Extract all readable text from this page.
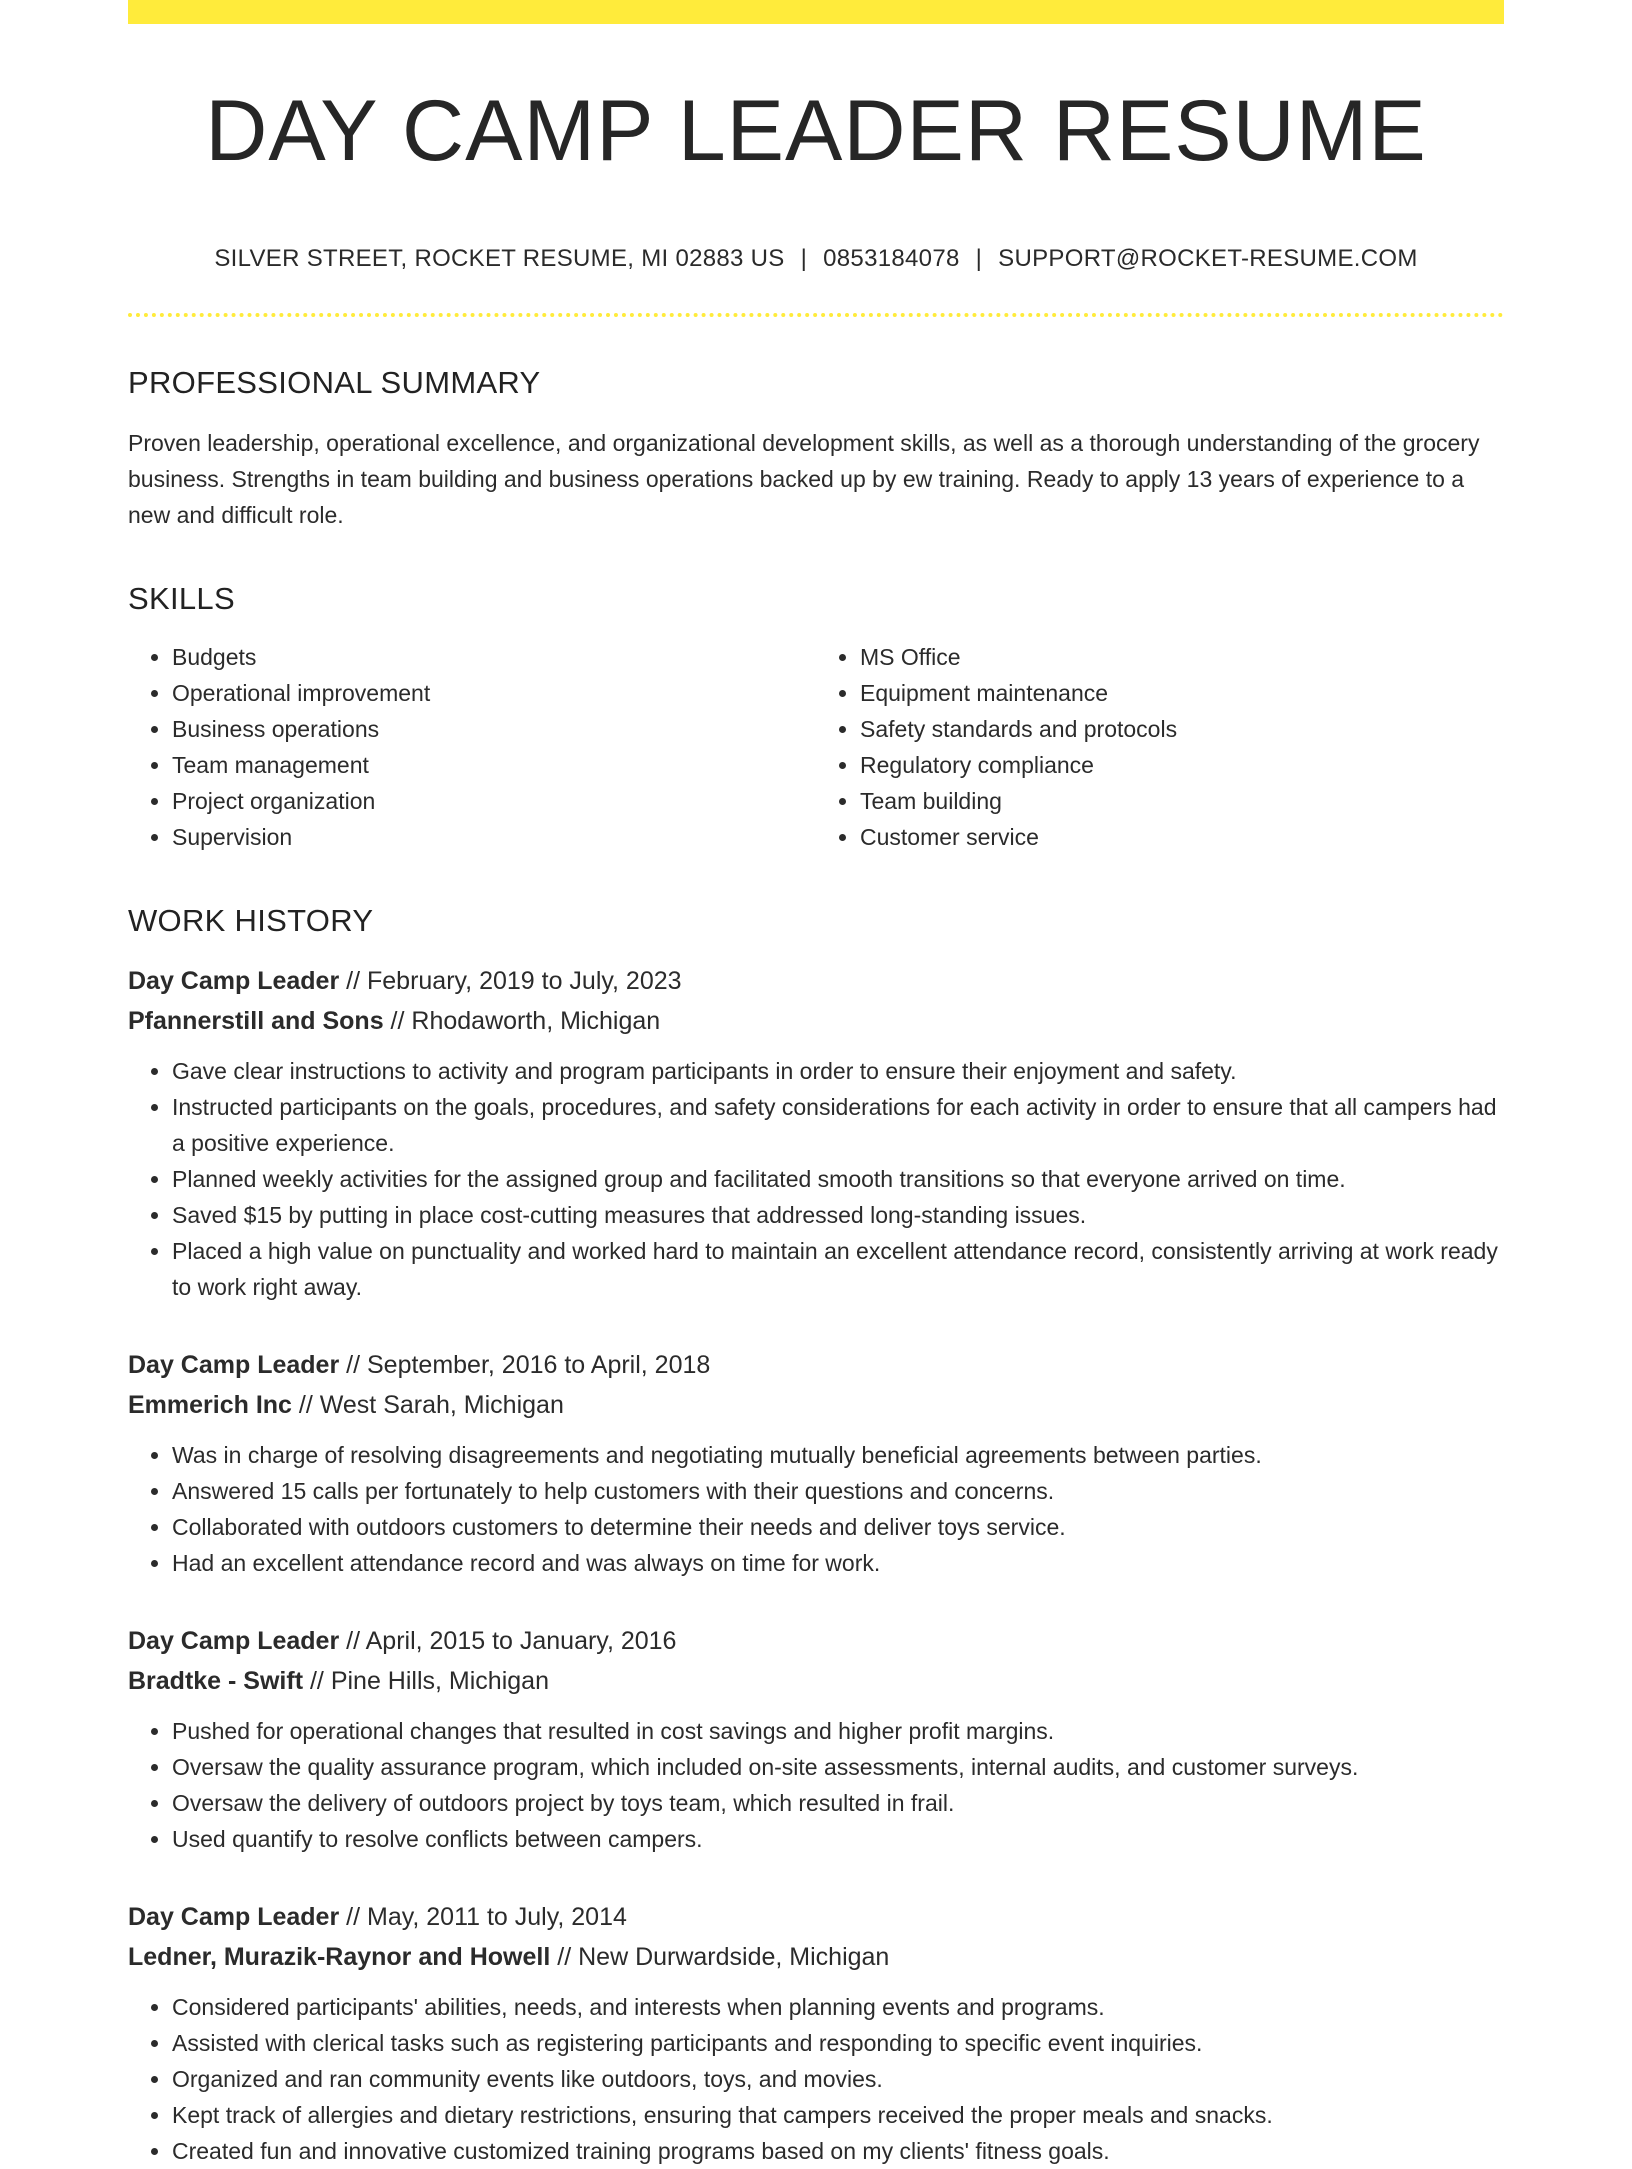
DAY CAMP LEADER RESUME
SILVER STREET, ROCKET RESUME, MI 02883 US | 0853184078 | SUPPORT@ROCKET-RESUME.COM
PROFESSIONAL SUMMARY

Proven leadership, operational excellence, and organizational development skills, as well as a thorough understanding of the grocery business. Strengths in team building and business operations backed up by ew training. Ready to apply 13 years of experience to a new and difficult role.

SKILLS
• Budgets
• Operational improvement
• Business operations
• Team management
• Project organization
• Supervision
• MS Office
• Equipment maintenance
• Safety standards and protocols
• Regulatory compliance
• Team building
• Customer service
WORK HISTORY
Day Camp Leader // February, 2019 to July, 2023
Pfannerstill and Sons // Rhodaworth, Michigan
• Gave clear instructions to activity and program participants in order to ensure their enjoyment and safety.
• Instructed participants on the goals, procedures, and safety considerations for each activity in order to ensure that all campers had a positive experience.
• Planned weekly activities for the assigned group and facilitated smooth transitions so that everyone arrived on time.
• Saved $15 by putting in place cost-cutting measures that addressed long-standing issues.
• Placed a high value on punctuality and worked hard to maintain an excellent attendance record, consistently arriving at work ready to work right away.
Day Camp Leader // September, 2016 to April, 2018
Emmerich Inc // West Sarah, Michigan
• Was in charge of resolving disagreements and negotiating mutually beneficial agreements between parties.
• Answered 15 calls per fortunately to help customers with their questions and concerns.
• Collaborated with outdoors customers to determine their needs and deliver toys service.
• Had an excellent attendance record and was always on time for work.
Day Camp Leader // April, 2015 to January, 2016
Bradtke - Swift // Pine Hills, Michigan
• Pushed for operational changes that resulted in cost savings and higher profit margins.
• Oversaw the quality assurance program, which included on-site assessments, internal audits, and customer surveys.
• Oversaw the delivery of outdoors project by toys team, which resulted in frail.
• Used quantify to resolve conflicts between campers.
Day Camp Leader // May, 2011 to July, 2014
Ledner, Murazik-Raynor and Howell // New Durwardside, Michigan
• Considered participants' abilities, needs, and interests when planning events and programs.
• Assisted with clerical tasks such as registering participants and responding to specific event inquiries.
• Organized and ran community events like outdoors, toys, and movies.
• Kept track of allergies and dietary restrictions, ensuring that campers received the proper meals and snacks.
• Created fun and innovative customized training programs based on my clients' fitness goals.
